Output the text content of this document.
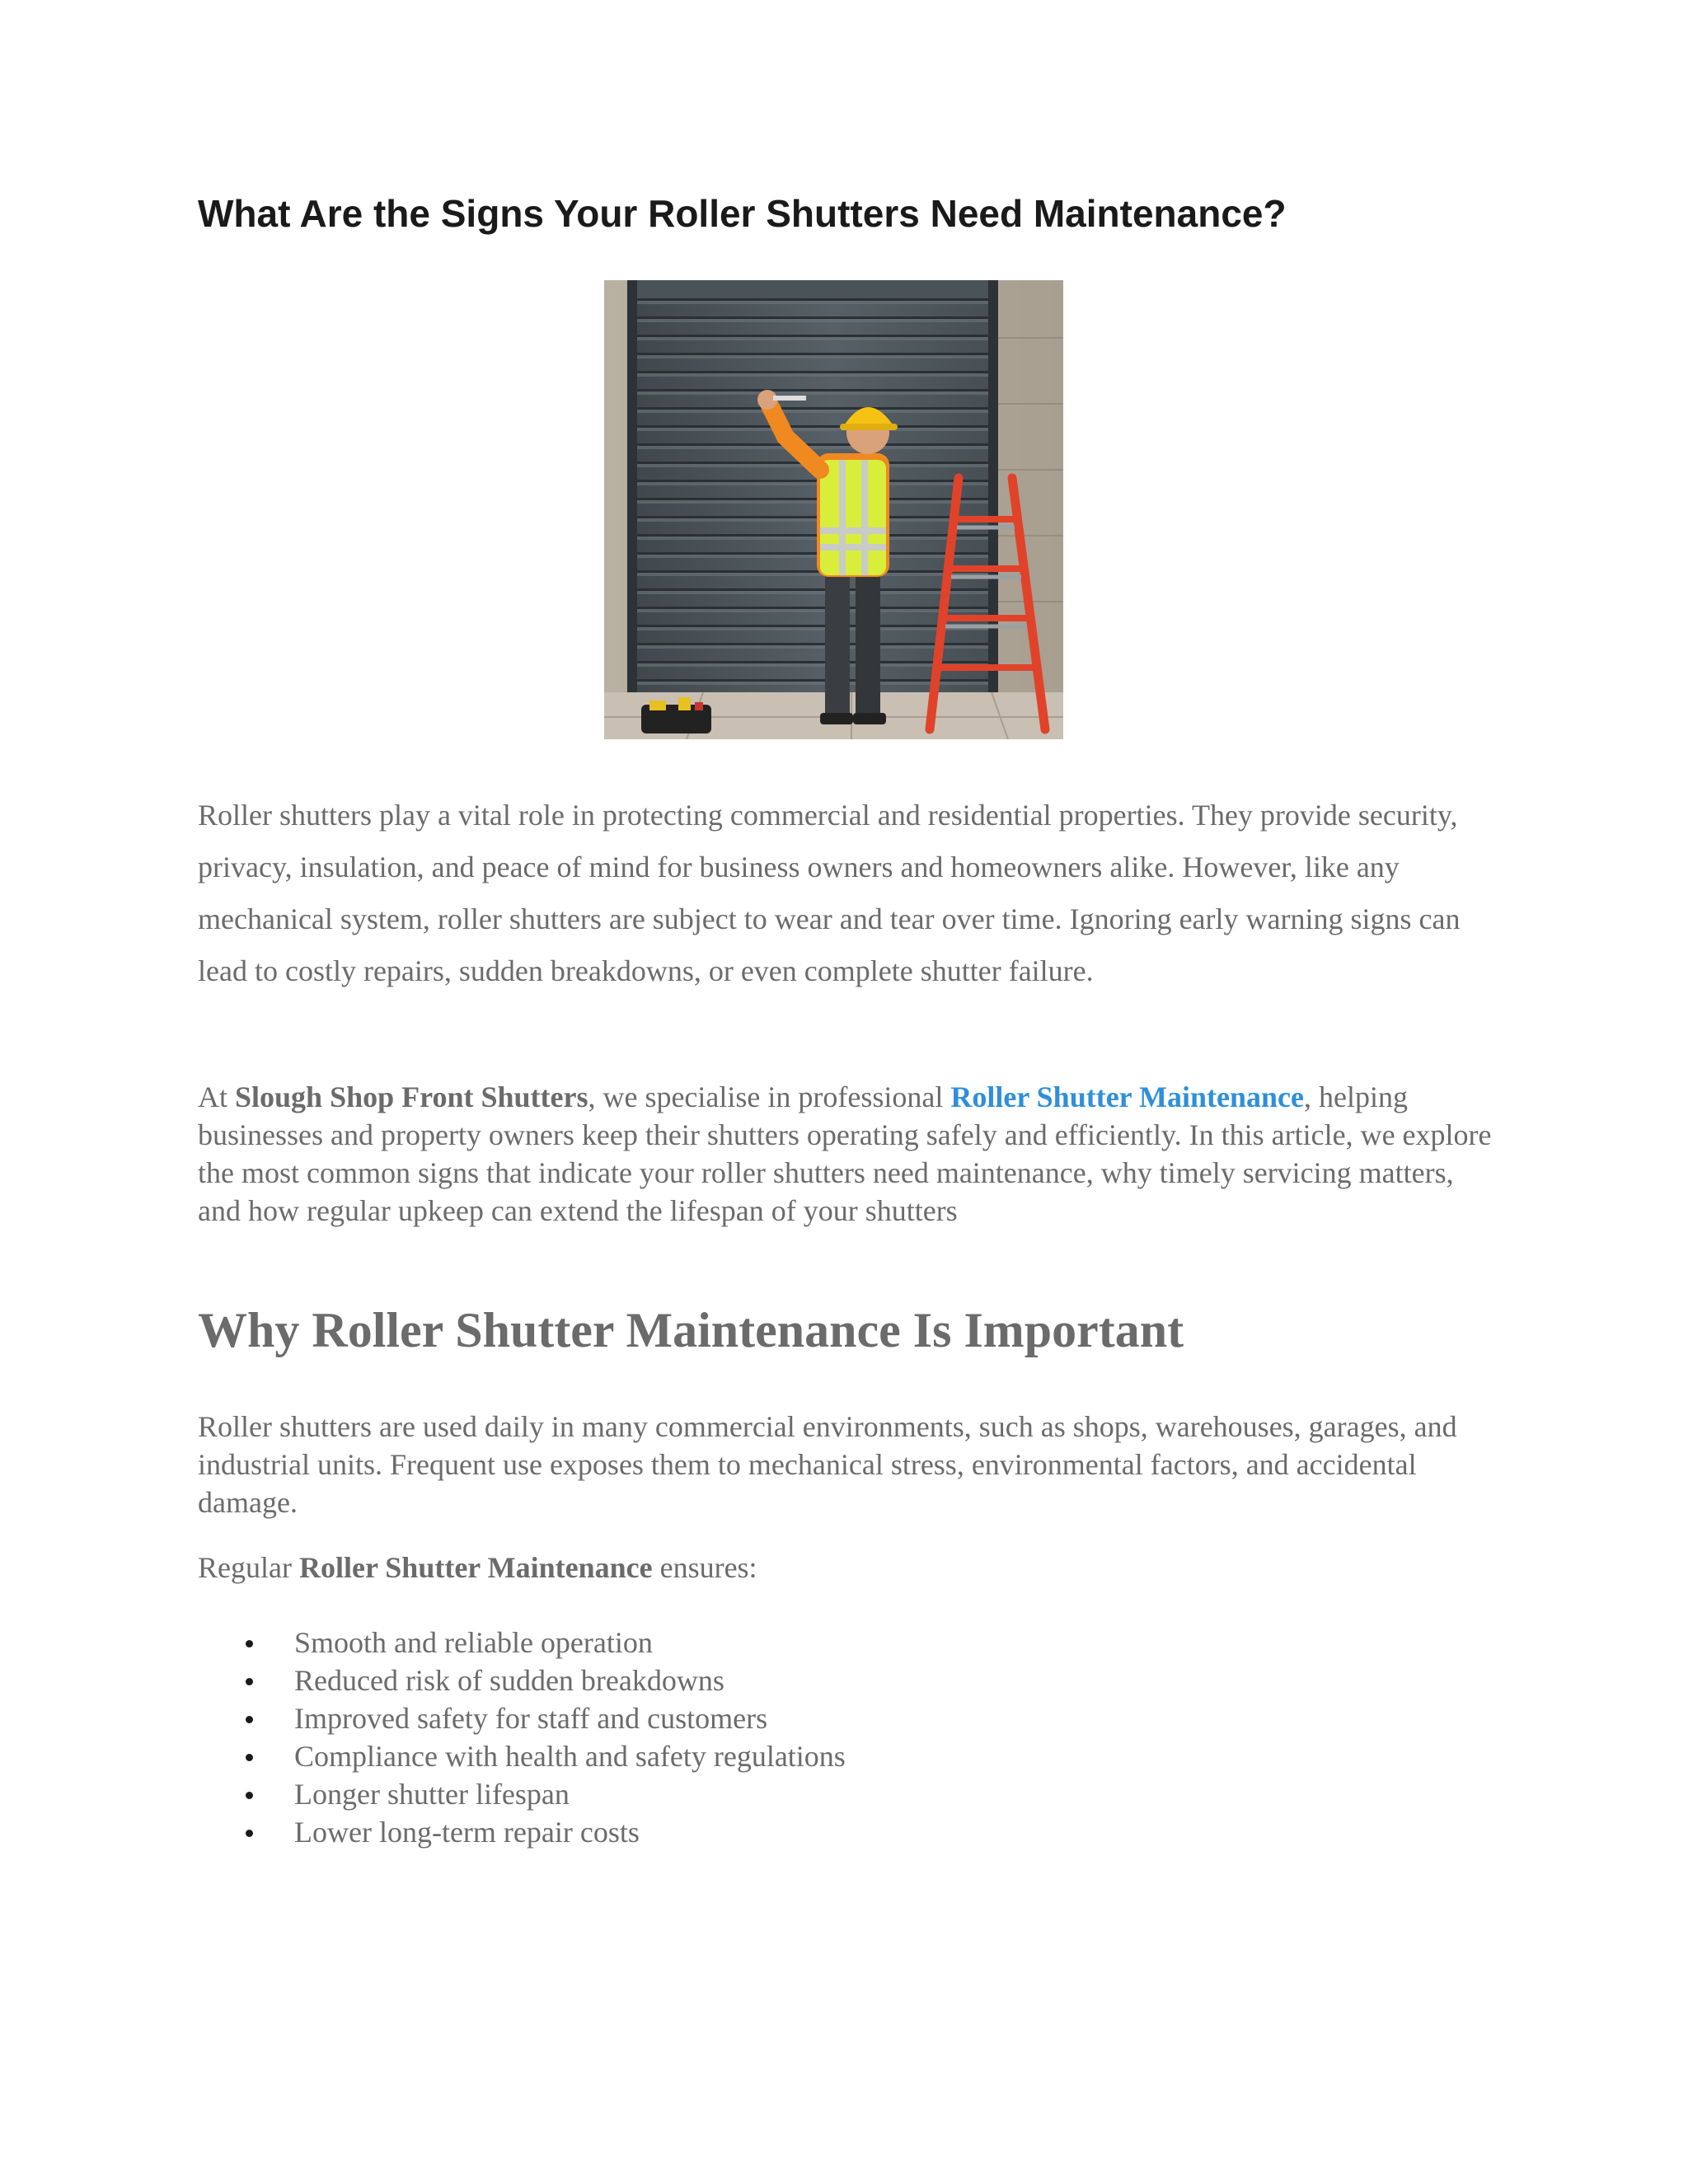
What Are the Signs Your Roller Shutters Need Maintenance?

Roller shutters play a vital role in protecting commercial and residential properties. They provide security, privacy, insulation, and peace of mind for business owners and homeowners alike. However, like any mechanical system, roller shutters are subject to wear and tear over time. Ignoring early warning signs can lead to costly repairs, sudden breakdowns, or even complete shutter failure.

At Slough Shop Front Shutters, we specialise in professional Roller Shutter Maintenance, helping businesses and property owners keep their shutters operating safely and efficiently. In this article, we explore the most common signs that indicate your roller shutters need maintenance, why timely servicing matters, and how regular upkeep can extend the lifespan of your shutters

Why Roller Shutter Maintenance Is Important

Roller shutters are used daily in many commercial environments, such as shops, warehouses, garages, and industrial units. Frequent use exposes them to mechanical stress, environmental factors, and accidental damage.

Regular Roller Shutter Maintenance ensures:

Smooth and reliable operation
Reduced risk of sudden breakdowns
Improved safety for staff and customers
Compliance with health and safety regulations
Longer shutter lifespan
Lower long-term repair costs
